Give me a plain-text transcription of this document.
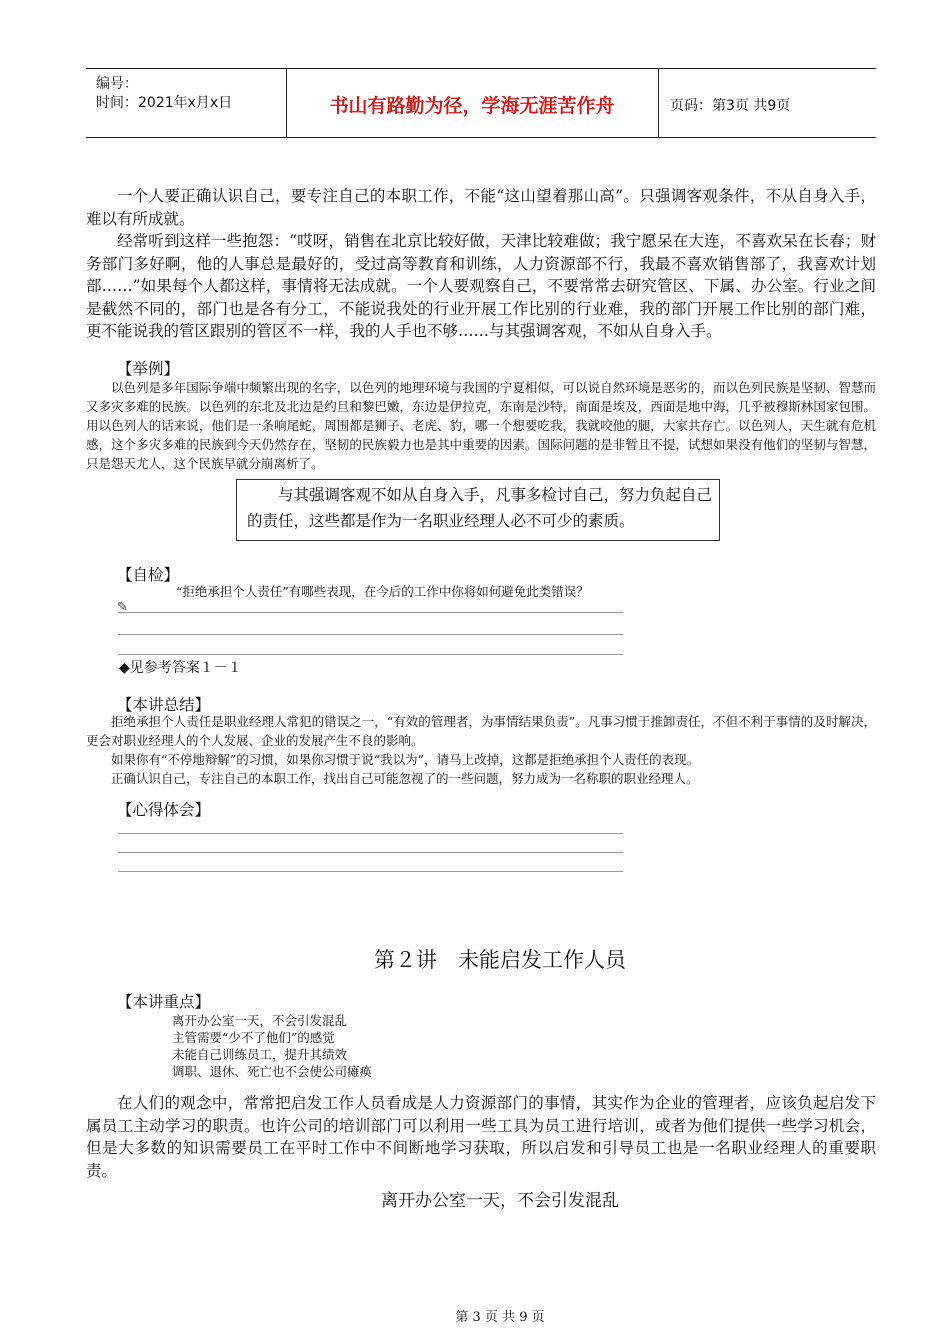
编号：
时间：2021年x月x日	书山有路勤为径，学海无涯苦作舟	页码：第3页 共9页

一个人要正确认识自己，要专注自己的本职工作，不能“这山望着那山高”。只强调客观条件，不从自身入手，难以有所成就。

经常听到这样一些抱怨：“哎呀，销售在北京比较好做，天津比较难做；我宁愿呆在大连，不喜欢呆在长春；财务部门多好啊，他的人事总是最好的，受过高等教育和训练，人力资源部不行，我最不喜欢销售部了，我喜欢计划部……”如果每个人都这样，事情将无法成就。一个人要观察自己，不要常常去研究管区、下属、办公室。行业之间是截然不同的，部门也是各有分工，不能说我处的行业开展工作比别的行业难，我的部门开展工作比别的部门难，更不能说我的管区跟别的管区不一样，我的人手也不够……与其强调客观，不如从自身入手。

【举例】

以色列是多年国际争端中频繁出现的名字，以色列的地理环境与我国的宁夏相似，可以说自然环境是恶劣的，而以色列民族是坚韧、智慧而又多灾多难的民族。以色列的东北及北边是约旦和黎巴嫩，东边是伊拉克，东南是沙特，南面是埃及，西面是地中海，几乎被穆斯林国家包围。用以色列人的话来说，他们是一条响尾蛇，周围都是狮子、老虎、豹，哪一个想要吃我，我就咬他的腿，大家共存亡。以色列人，天生就有危机感，这个多灾多难的民族到今天仍然存在，坚韧的民族毅力也是其中重要的因素。国际问题的是非暂且不提，试想如果没有他们的坚韧与智慧，只是怨天尤人，这个民族早就分崩离析了。

与其强调客观不如从自身入手，凡事多检讨自己，努力负起自己的责任，这些都是作为一名职业经理人必不可少的素质。

【自检】
“拒绝承担个人责任”有哪些表现，在今后的工作中你将如何避免此类错误？
✎
◆见参考答案１－１
【本讲总结】

拒绝承担个人责任是职业经理人常犯的错误之一，“有效的管理者，为事情结果负责”。凡事习惯于推卸责任，不但不利于事情的及时解决，更会对职业经理人的个人发展、企业的发展产生不良的影响。

如果你有“不停地辩解”的习惯，如果你习惯于说“我以为”，请马上改掉，这都是拒绝承担个人责任的表现。

正确认识自己，专注自己的本职工作，找出自己可能忽视了的一些问题，努力成为一名称职的职业经理人。

【心得体会】
第２讲　未能启发工作人员
【本讲重点】
离开办公室一天，不会引发混乱
主管需要“少不了他们”的感觉
未能自己训练员工，提升其绩效
调职、退休、死亡也不会使公司瘫痪

在人们的观念中，常常把启发工作人员看成是人力资源部门的事情，其实作为企业的管理者，应该负起启发下属员工主动学习的职责。也许公司的培训部门可以利用一些工具为员工进行培训，或者为他们提供一些学习机会，但是大多数的知识需要员工在平时工作中不间断地学习获取，所以启发和引导员工也是一名职业经理人的重要职责。

离开办公室一天，不会引发混乱
第 3 页 共 9 页
